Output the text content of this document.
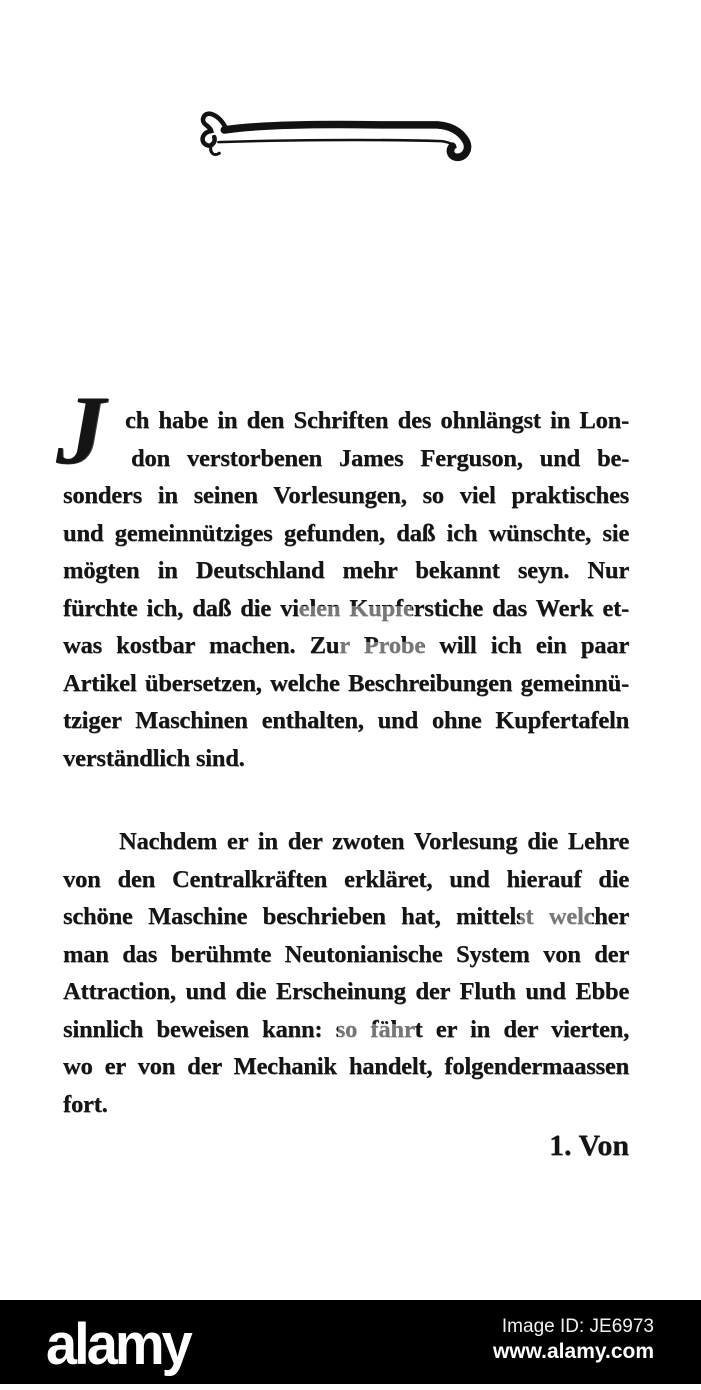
J ch habe in den Schriften des ohnlängst in Lon-
don verstorbenen James Ferguson, und be-
sonders in seinen Vorlesungen, so viel praktisches
und gemeinnütziges gefunden, daß ich wünschte, sie
mögten in Deutschland mehr bekannt seyn. Nur
fürchte ich, daß die vielen Kupferstiche das Werk et-
was kostbar machen. Zur Probe will ich ein paar
Artikel übersetzen, welche Beschreibungen gemeinnü-
tziger Maschinen enthalten, und ohne Kupfertafeln
verständlich sind.
Nachdem er in der zwoten Vorlesung die Lehre
von den Centralkräften erkläret, und hierauf die
schöne Maschine beschrieben hat, mittelst welcher
man das berühmte Neutonianische System von der
Attraction, und die Erscheinung der Fluth und Ebbe
sinnlich beweisen kann: so fährt er in der vierten,
wo er von der Mechanik handelt, folgendermaassen
fort.
1. Von
alamy	Image ID: JE6973
www.alamy.com
